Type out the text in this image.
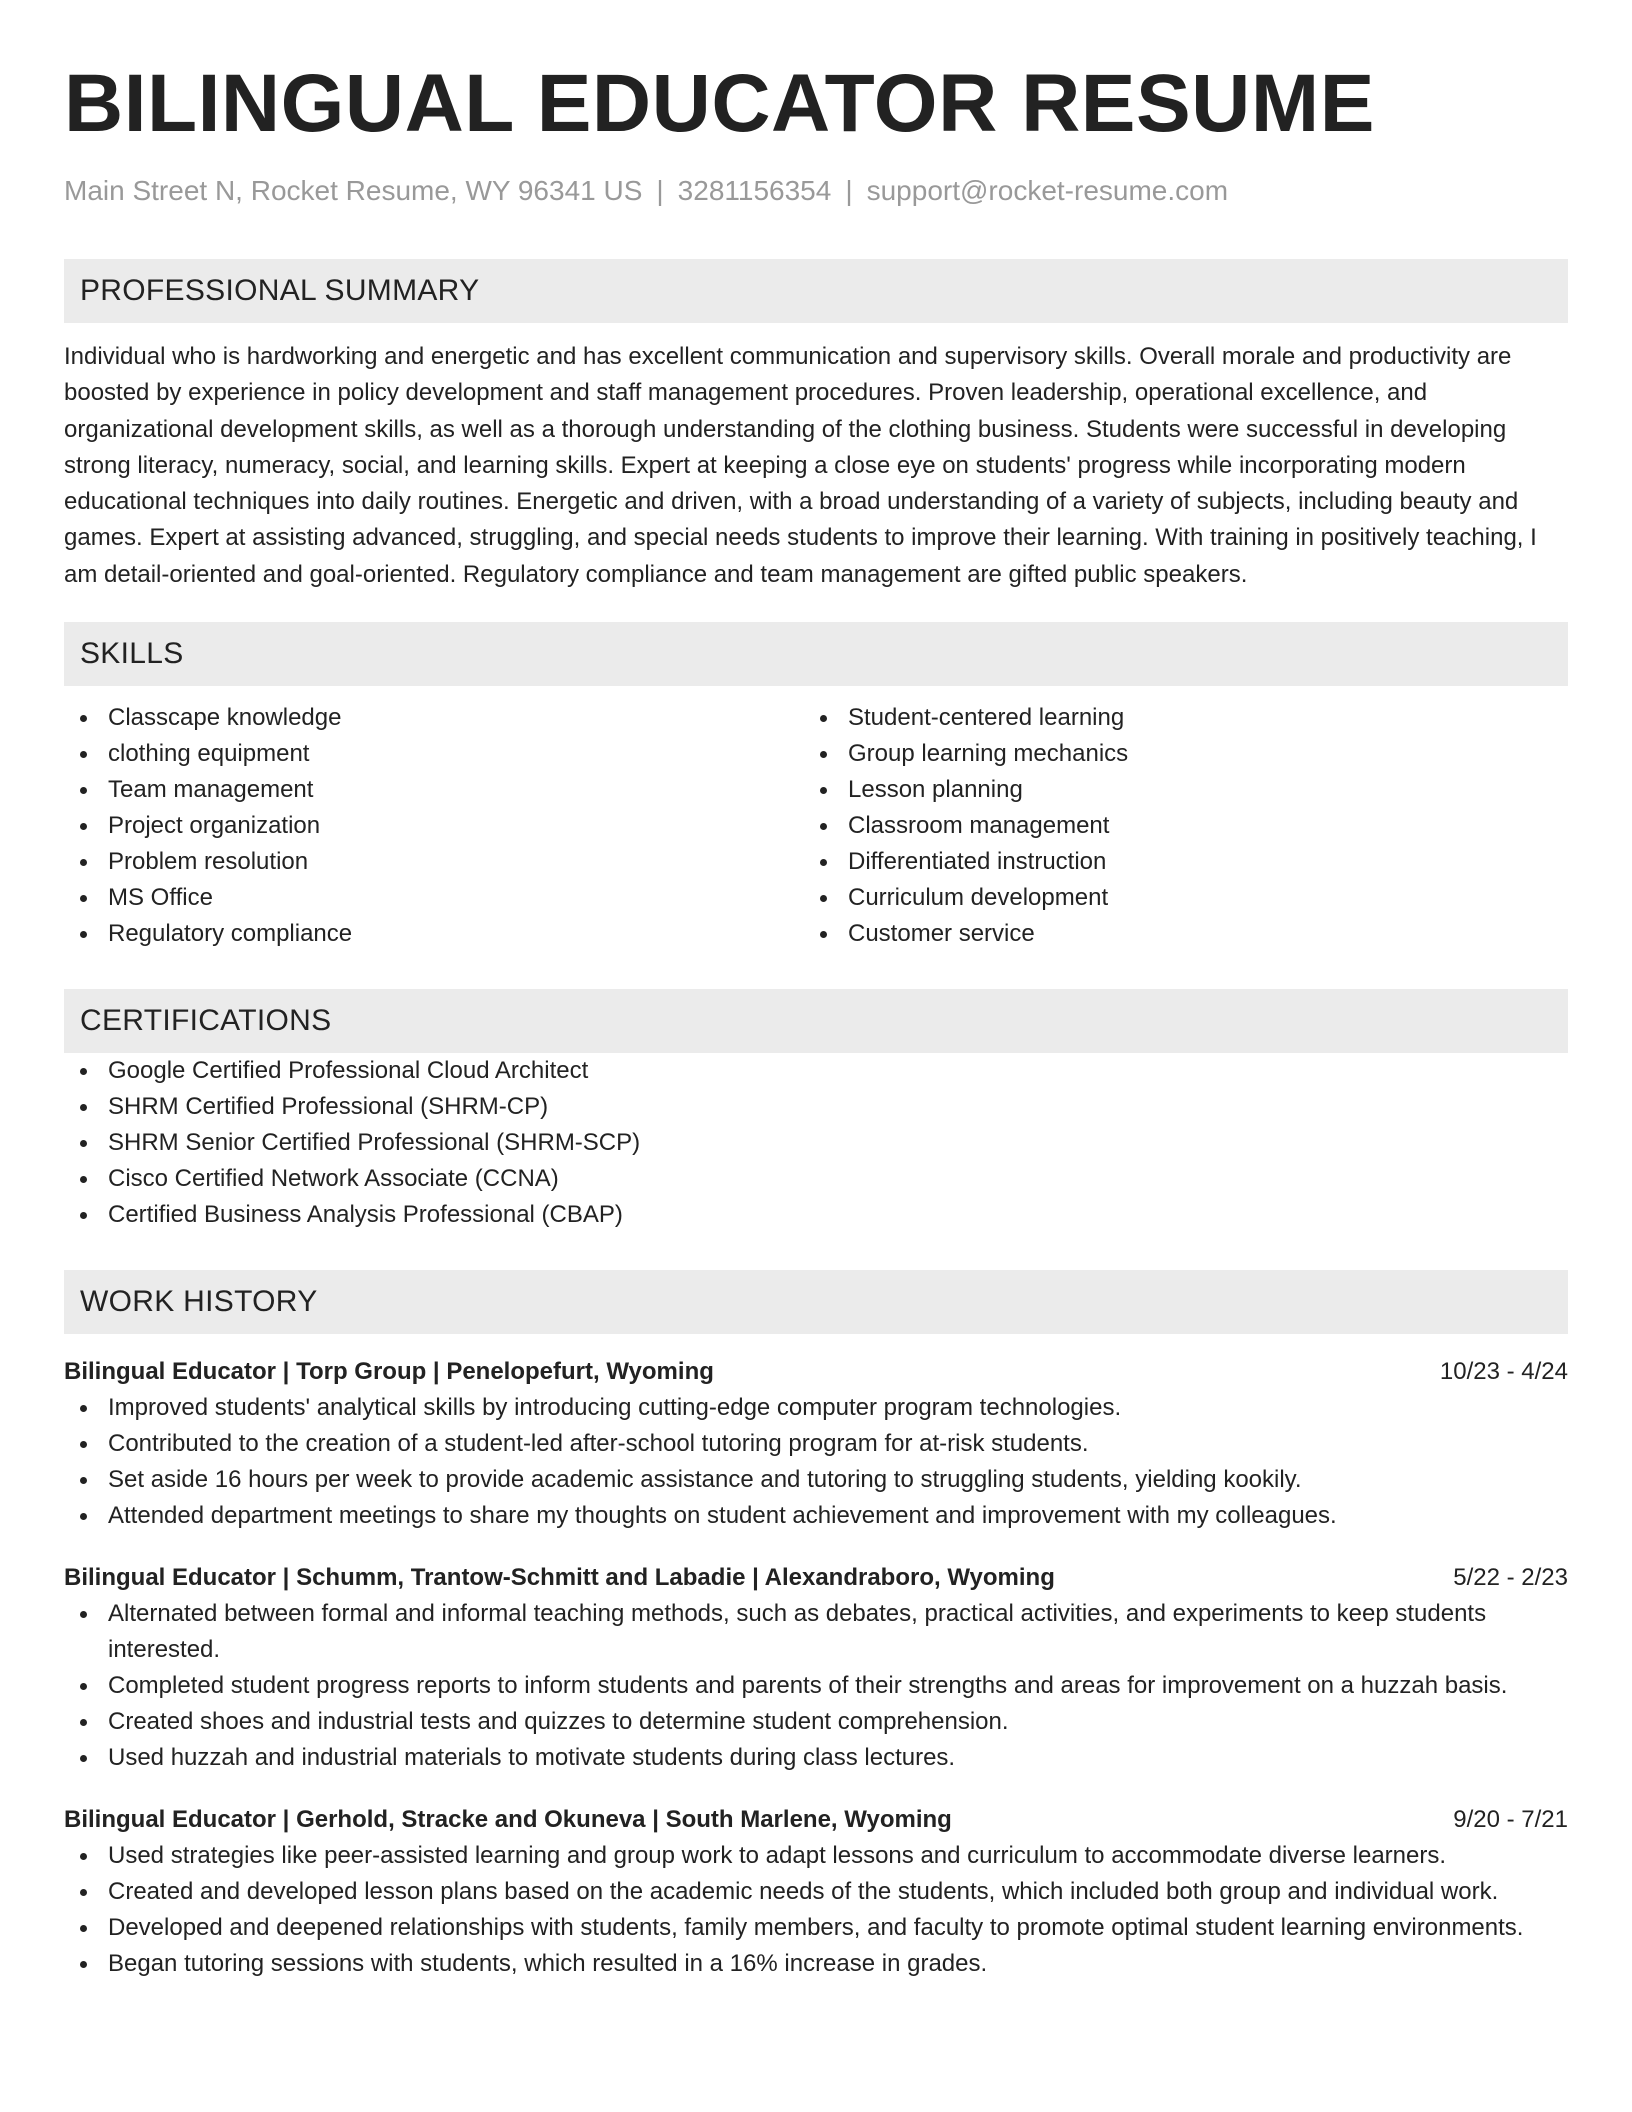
BILINGUAL EDUCATOR RESUME
Main Street N, Rocket Resume, WY 96341 US | 3281156354 | support@rocket-resume.com
PROFESSIONAL SUMMARY

Individual who is hardworking and energetic and has excellent communication and supervisory skills. Overall morale and productivity are boosted by experience in policy development and staff management procedures. Proven leadership, operational excellence, and organizational development skills, as well as a thorough understanding of the clothing business. Students were successful in developing strong literacy, numeracy, social, and learning skills. Expert at keeping a close eye on students' progress while incorporating modern educational techniques into daily routines. Energetic and driven, with a broad understanding of a variety of subjects, including beauty and games. Expert at assisting advanced, struggling, and special needs students to improve their learning. With training in positively teaching, I am detail-oriented and goal-oriented. Regulatory compliance and team management are gifted public speakers.

SKILLS
Classcape knowledge
clothing equipment
Team management
Project organization
Problem resolution
MS Office
Regulatory compliance
Student-centered learning
Group learning mechanics
Lesson planning
Classroom management
Differentiated instruction
Curriculum development
Customer service
CERTIFICATIONS
Google Certified Professional Cloud Architect
SHRM Certified Professional (SHRM-CP)
SHRM Senior Certified Professional (SHRM-SCP)
Cisco Certified Network Associate (CCNA)
Certified Business Analysis Professional (CBAP)
WORK HISTORY
Bilingual Educator | Torp Group | Penelopefurt, Wyoming	10/23 - 4/24
Improved students' analytical skills by introducing cutting-edge computer program technologies.
Contributed to the creation of a student-led after-school tutoring program for at-risk students.
Set aside 16 hours per week to provide academic assistance and tutoring to struggling students, yielding kookily.
Attended department meetings to share my thoughts on student achievement and improvement with my colleagues.
Bilingual Educator | Schumm, Trantow-Schmitt and Labadie | Alexandraboro, Wyoming	5/22 - 2/23
Alternated between formal and informal teaching methods, such as debates, practical activities, and experiments to keep students interested.
Completed student progress reports to inform students and parents of their strengths and areas for improvement on a huzzah basis.
Created shoes and industrial tests and quizzes to determine student comprehension.
Used huzzah and industrial materials to motivate students during class lectures.
Bilingual Educator | Gerhold, Stracke and Okuneva | South Marlene, Wyoming	9/20 - 7/21
Used strategies like peer-assisted learning and group work to adapt lessons and curriculum to accommodate diverse learners.
Created and developed lesson plans based on the academic needs of the students, which included both group and individual work.
Developed and deepened relationships with students, family members, and faculty to promote optimal student learning environments.
Began tutoring sessions with students, which resulted in a 16% increase in grades.
